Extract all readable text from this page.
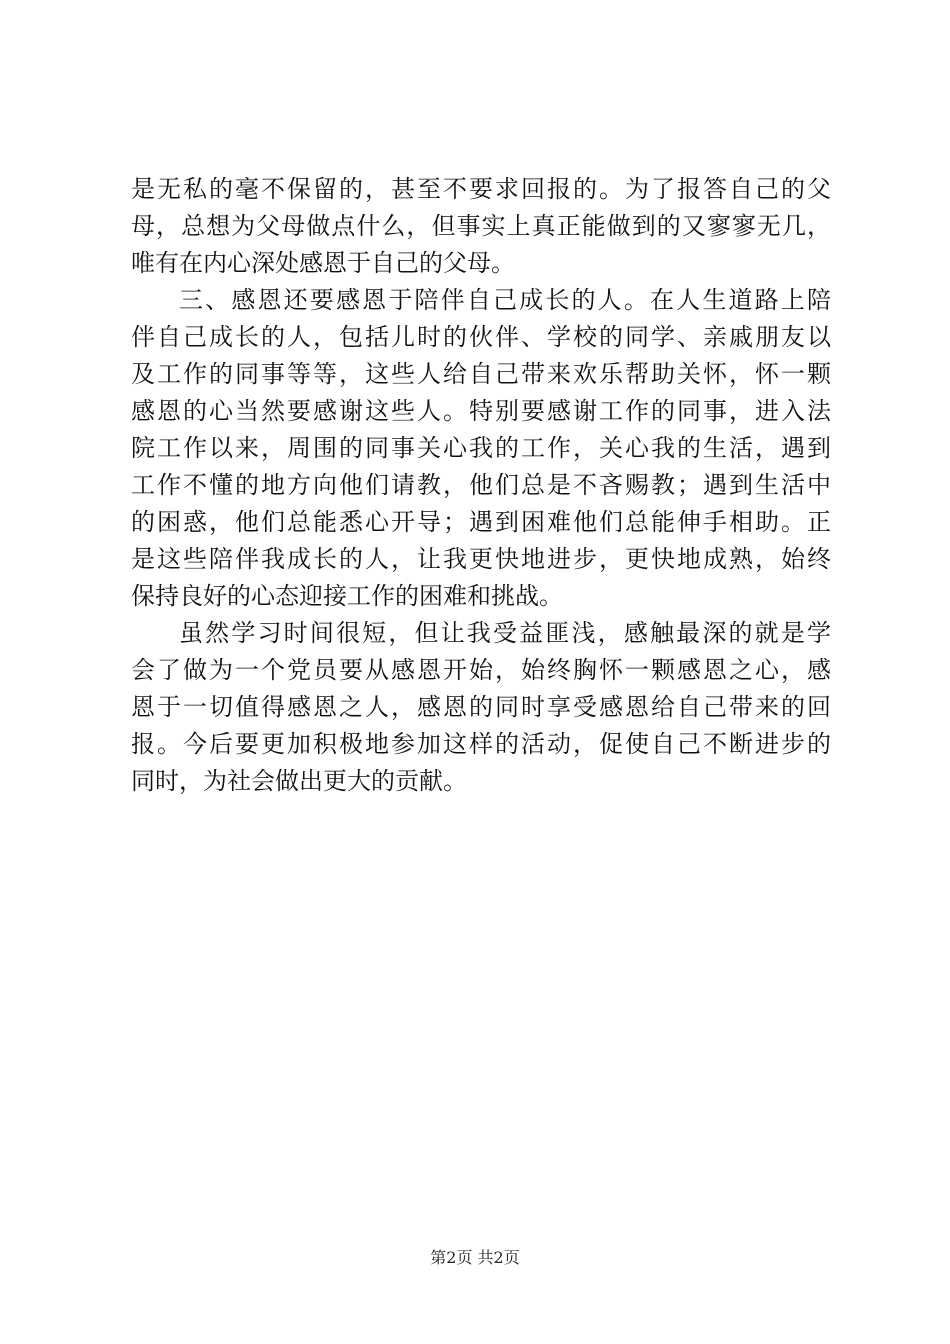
是无私的毫不保留的，甚至不要求回报的。为了报答自己的父
母，总想为父母做点什么，但事实上真正能做到的又寥寥无几，
唯有在内心深处感恩于自己的父母。
三、感恩还要感恩于陪伴自己成长的人。在人生道路上陪
伴自己成长的人，包括儿时的伙伴、学校的同学、亲戚朋友以
及工作的同事等等，这些人给自己带来欢乐帮助关怀，怀一颗
感恩的心当然要感谢这些人。特别要感谢工作的同事，进入法
院工作以来，周围的同事关心我的工作，关心我的生活，遇到
工作不懂的地方向他们请教，他们总是不吝赐教；遇到生活中
的困惑，他们总能悉心开导；遇到困难他们总能伸手相助。正
是这些陪伴我成长的人，让我更快地进步，更快地成熟，始终
保持良好的心态迎接工作的困难和挑战。
虽然学习时间很短，但让我受益匪浅，感触最深的就是学
会了做为一个党员要从感恩开始，始终胸怀一颗感恩之心，感
恩于一切值得感恩之人，感恩的同时享受感恩给自己带来的回
报。今后要更加积极地参加这样的活动，促使自己不断进步的
同时，为社会做出更大的贡献。
第2页 共2页
